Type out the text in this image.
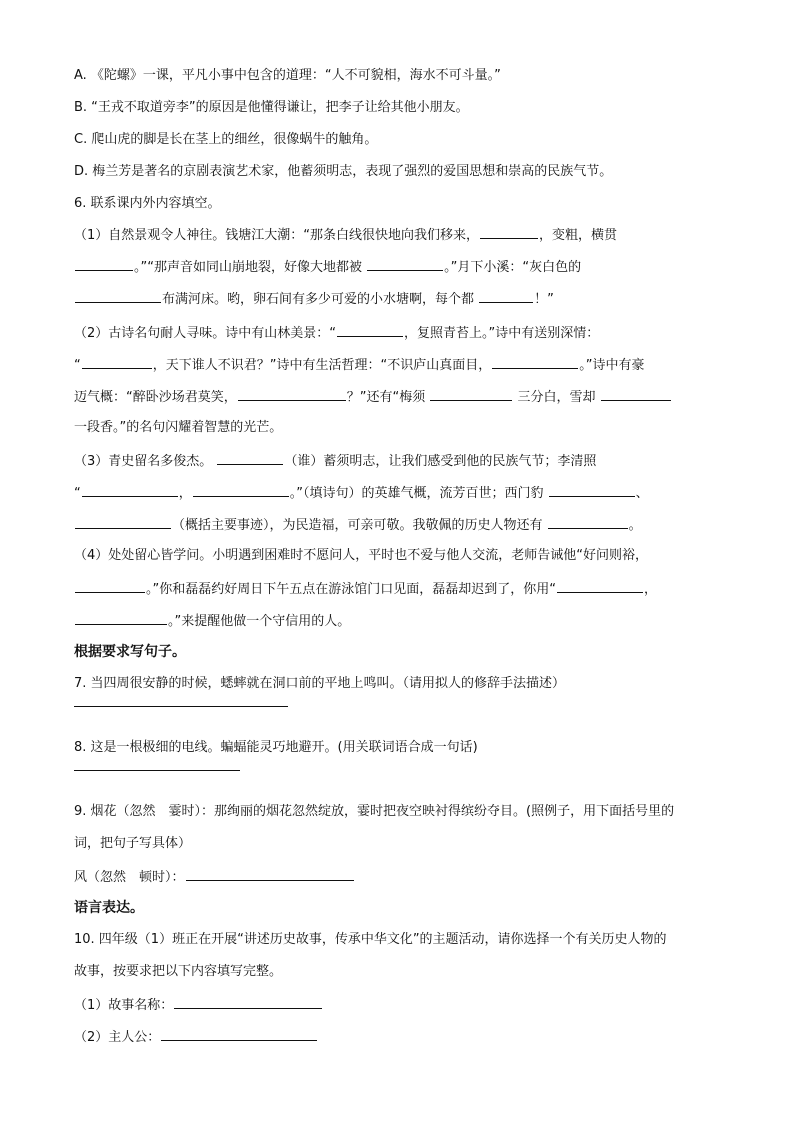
A. 《陀螺》一课，平凡小事中包含的道理：“人不可貌相，海水不可斗量。”
B. “王戎不取道旁李”的原因是他懂得谦让，把李子让给其他小朋友。
C. 爬山虎的脚是长在茎上的细丝，很像蜗牛的触角。
D. 梅兰芳是著名的京剧表演艺术家，他蓄须明志，表现了强烈的爱国思想和崇高的民族气节。
6. 联系课内外内容填空。
（1）自然景观令人神往。钱塘江大潮：“那条白线很快地向我们移来，	，变粗，横贯
。”“那声音如同山崩地裂，好像大地都被	。”月下小溪：“灰白色的
布满河床。哟，卵石间有多少可爱的小水塘啊，每个都	！”
（2）古诗名句耐人寻味。诗中有山林美景：“	，复照青苔上。”诗中有送别深情：
“	，天下谁人不识君？”诗中有生活哲理：“不识庐山真面目，	。”诗中有豪
迈气概：“醉卧沙场君莫笑，	？”还有“梅须	三分白，雪却
一段香。”的名句闪耀着智慧的光芒。
（3）青史留名多俊杰。	（谁）蓄须明志，让我们感受到他的民族气节；李清照
“	，	。”（填诗句）的英雄气概，流芳百世；西门豹	、
（概括主要事迹），为民造福，可亲可敬。我敬佩的历史人物还有	。
（4）处处留心皆学问。小明遇到困难时不愿问人，平时也不爱与他人交流，老师告诫他“好问则裕，
。”你和磊磊约好周日下午五点在游泳馆门口见面，磊磊却迟到了，你用“	，
。”来提醒他做一个守信用的人。
根据要求写句子。
7. 当四周很安静的时候，蟋蟀就在洞口前的平地上鸣叫。（请用拟人的修辞手法描述）
8. 这是一根极细的电线。蝙蝠能灵巧地避开。(用关联词语合成一句话)
9. 烟花（忽然　霎时）：那绚丽的烟花忽然绽放，霎时把夜空映衬得缤纷夺目。(照例子，用下面括号里的
词，把句子写具体）
风（忽然　顿时）：
语言表达。
10. 四年级（1）班正在开展“讲述历史故事，传承中华文化”的主题活动，请你选择一个有关历史人物的
故事，按要求把以下内容填写完整。
（1）故事名称：
（2）主人公：
